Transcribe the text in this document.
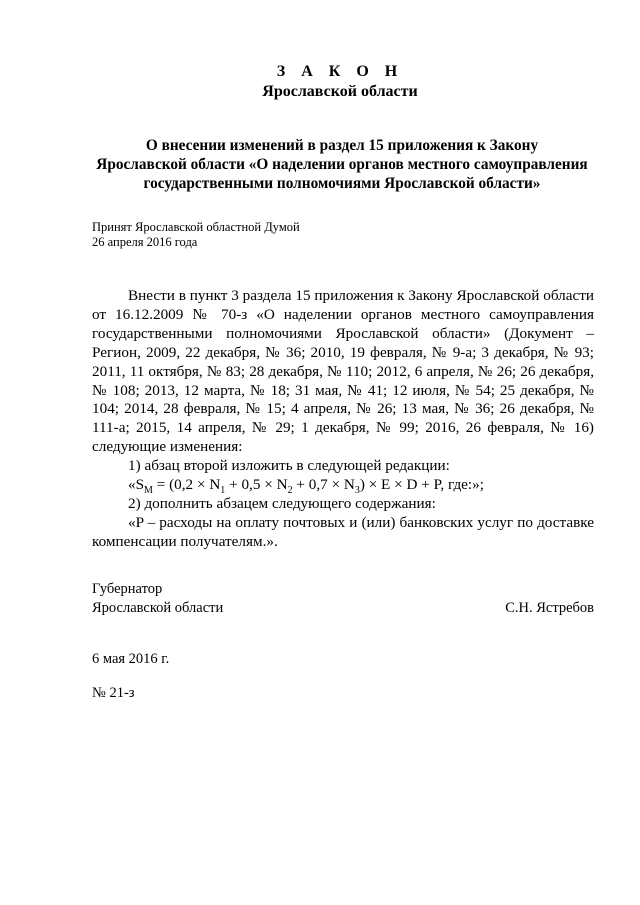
З А К О Н
Ярославской области
О внесении изменений в раздел 15 приложения к Закону
Ярославской области «О наделении органов местного самоуправления
государственными полномочиями Ярославской области»
Принят Ярославской областной Думой
26 апреля 2016 года

Внести в пункт 3 раздела 15 приложения к Закону Ярославской области от 16.12.2009 № 70-з «О наделении органов местного самоуправления государственными полномочиями Ярославской области» (Документ – Регион, 2009, 22 декабря, № 36; 2010, 19 февраля, № 9-а; 3 декабря, № 93; 2011, 11 октября, № 83; 28 декабря, № 110; 2012, 6 апреля, № 26; 26 декабря, № 108; 2013, 12 марта, № 18; 31 мая, № 41; 12 июля, № 54; 25 декабря, № 104; 2014, 28 февраля, № 15; 4 апреля, № 26; 13 мая, № 36; 26 декабря, № 111-а; 2015, 14 апреля, № 29; 1 декабря, № 99; 2016, 26 февраля, № 16) следующие изменения:

1) абзац второй изложить в следующей редакции:

«$S_M = (0,2 \times N_1 + 0,5 \times N_2 + 0,7 \times N_3) \times E \times D + P$, где:»;

2) дополнить абзацем следующего содержания:

«P – расходы на оплату почтовых и (или) банковских услуг по доставке компенсации получателям.».

Губернатор
Ярославской области	С.Н. Ястребов
6 мая 2016 г.
№ 21-з
